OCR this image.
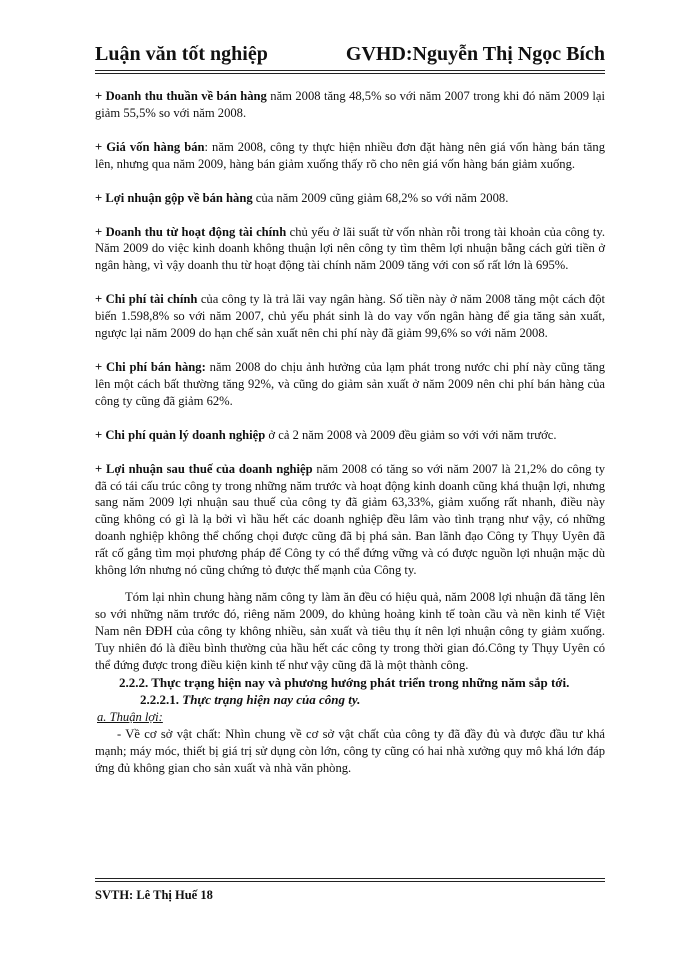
Luận văn tốt nghiệp	GVHD:Nguyễn Thị Ngọc Bích

+ Doanh thu thuần về bán hàng năm 2008 tăng 48,5% so với năm 2007 trong khi đó năm 2009 lại giảm 55,5% so với năm 2008.

+ Giá vốn hàng bán: năm 2008, công ty thực hiện nhiều đơn đặt hàng nên giá vốn hàng bán tăng lên, nhưng qua năm 2009, hàng bán giảm xuống thấy rõ cho nên giá vốn hàng bán giảm xuống.

+ Lợi nhuận gộp về bán hàng của năm 2009 cũng giảm 68,2% so với năm 2008.

+ Doanh thu từ hoạt động tài chính chủ yếu ở lãi suất từ vốn nhàn rỗi trong tài khoản của công ty. Năm 2009 do việc kinh doanh không thuận lợi nên công ty tìm thêm lợi nhuận bằng cách gửi tiền ở ngân hàng, vì vậy doanh thu từ hoạt động tài chính năm 2009 tăng với con số rất lớn là 695%.

+ Chi phí tài chính của công ty là trả lãi vay ngân hàng. Số tiền này ở năm 2008 tăng một cách đột biến 1.598,8% so với năm 2007, chủ yếu phát sinh là do vay vốn ngân hàng để gia tăng sản xuất, ngược lại năm 2009 do hạn chế sản xuất nên chi phí này đã giảm 99,6% so với năm 2008.

+ Chi phí bán hàng: năm 2008 do chịu ảnh hưởng của lạm phát trong nước chi phí này cũng tăng lên một cách bất thường tăng 92%, và cũng do giảm sản xuất ở năm 2009 nên chi phí bán hàng của công ty cũng đã giảm 62%.

+ Chi phí quản lý doanh nghiệp ở cả 2 năm 2008 và 2009 đều giảm so với với năm trước.

+ Lợi nhuận sau thuế của doanh nghiệp năm 2008 có tăng so với năm 2007 là 21,2% do công ty đã có tái cấu trúc công ty trong những năm trước và hoạt động kinh doanh cũng khá thuận lợi, nhưng sang năm 2009 lợi nhuận sau thuế của công ty đã giảm 63,33%, giảm xuống rất nhanh, điều này cũng không có gì là lạ bởi vì hầu hết các doanh nghiệp đều lâm vào tình trạng như vậy, có những doanh nghiệp không thể chống chọi được cũng đã bị phá sản. Ban lãnh đạo Công ty Thụy Uyên đã rất cố gắng tìm mọi phương pháp để Công ty có thể đứng vững và có được nguồn lợi nhuận mặc dù không lớn nhưng nó cũng chứng tỏ được thế mạnh của Công ty.

Tóm lại nhìn chung hàng năm công ty làm ăn đều có hiệu quả, năm 2008 lợi nhuận đã tăng lên so với những năm trước đó, riêng năm 2009, do khủng hoảng kinh tế toàn cầu và nền kinh tế Việt Nam nên ĐĐH của công ty không nhiều, sản xuất và tiêu thụ ít nên lợi nhuận công ty giảm xuống. Tuy nhiên đó là điều bình thường của hầu hết các công ty trong thời gian đó.Công ty Thụy Uyên có thể đứng được trong điều kiện kinh tế như vậy cũng đã là một thành công.

2.2.2. Thực trạng hiện nay và phương hướng phát triển trong những năm sắp tới.
2.2.2.1. Thực trạng hiện nay của công ty.
a. Thuận lợi:

- Về cơ sở vật chất: Nhìn chung về cơ sở vật chất của công ty đã đầy đủ và được đầu tư khá mạnh; máy móc, thiết bị giá trị sử dụng còn lớn, công ty cũng có hai nhà xưởng quy mô khá lớn đáp ứng đủ không gian cho sản xuất và nhà văn phòng.

SVTH: Lê Thị Huế 18
